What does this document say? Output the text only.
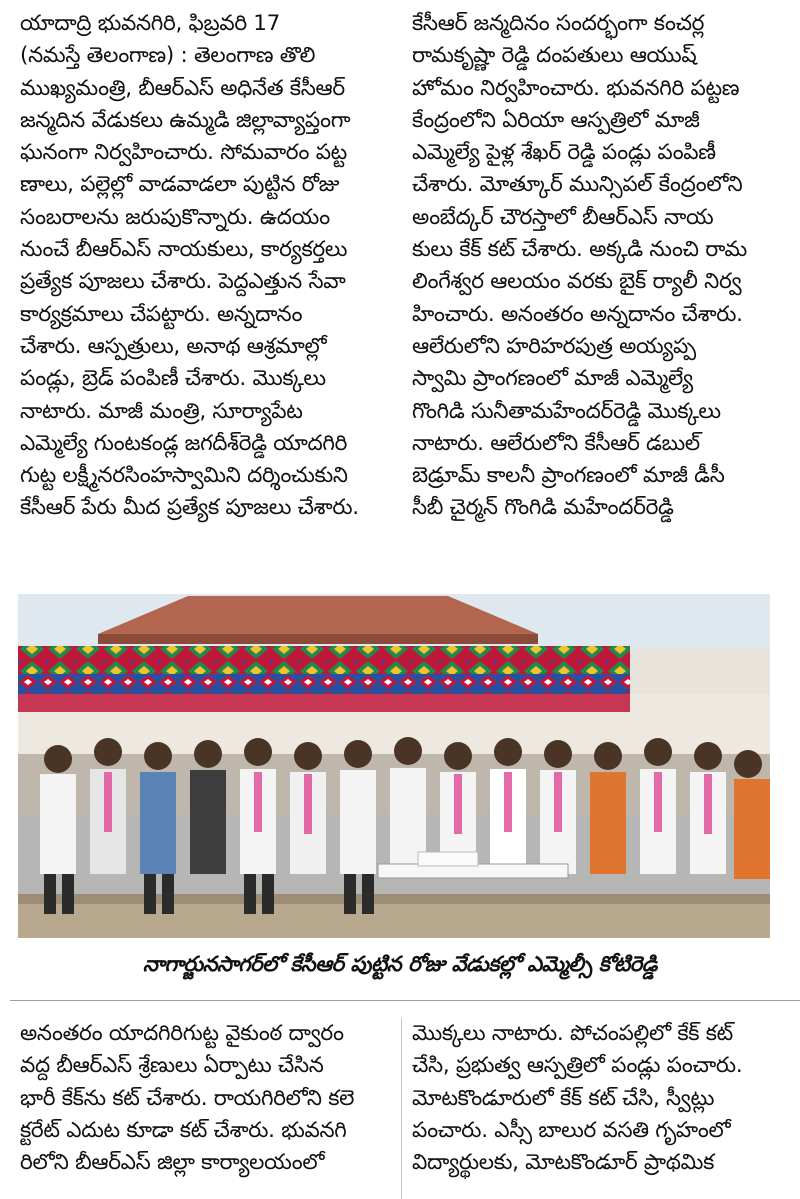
యాదాద్రి భువనగిరి, ఫిబ్రవరి 17
(నమస్తే తెలంగాణ) : తెలంగాణ తొలి
ముఖ్యమంత్రి, బీఆర్ఎస్ అధినేత కేసీఆర్
జన్మదిన వేడుకలు ఉమ్మడి జిల్లావ్యాప్తంగా
ఘనంగా నిర్వహించారు. సోమవారం పట్ట
ణాలు, పల్లెల్లో వాడవాడలా పుట్టిన రోజు
సంబరాలను జరుపుకొన్నారు. ఉదయం
నుంచే బీఆర్ఎస్ నాయకులు, కార్యకర్తలు
ప్రత్యేక పూజలు చేశారు. పెద్దఎత్తున సేవా
కార్యక్రమాలు చేపట్టారు. అన్నదానం
చేశారు. ఆస్పత్రులు, అనాథ ఆశ్రమాల్లో
పండ్లు, బ్రెడ్ పంపిణీ చేశారు. మొక్కలు
నాటారు. మాజీ మంత్రి, సూర్యాపేట
ఎమ్మెల్యే గుంటకండ్ల జగదీశ్‌రెడ్డి యాదగిరి
గుట్ట లక్ష్మీనరసింహస్వామిని దర్శించుకుని
కేసీఆర్ పేరు మీద ప్రత్యేక పూజలు చేశారు.
కేసీఆర్ జన్మదినం సందర్భంగా కంచర్ల
రామకృష్ణా రెడ్డి దంపతులు ఆయుష్
హోమం నిర్వహించారు. భువనగిరి పట్టణ
కేంద్రంలోని ఏరియా ఆస్పత్రిలో మాజీ
ఎమ్మెల్యే పైళ్ల శేఖర్ రెడ్డి పండ్లు పంపిణీ
చేశారు. మోత్కూర్ మున్సిపల్ కేంద్రంలోని
అంబేద్కర్ చౌరస్తాలో బీఆర్ఎస్ నాయ
కులు కేక్ కట్ చేశారు. అక్కడి నుంచి రామ
లింగేశ్వర ఆలయం వరకు బైక్ ర్యాలీ నిర్వ
హించారు. అనంతరం అన్నదానం చేశారు.
ఆలేరులోని హరిహరపుత్ర అయ్యప్ప
స్వామి ప్రాంగణంలో మాజీ ఎమ్మెల్యే
గొంగిడి సునీతామహేందర్‌రెడ్డి మొక్కలు
నాటారు. ఆలేరులోని కేసీఆర్ డబుల్
బెడ్రూమ్ కాలనీ ప్రాంగణంలో మాజీ డీసీ
సీబీ చైర్మన్ గొంగిడి మహేందర్‌రెడ్డి
నాగార్జునసాగర్‌లో కేసీఆర్ పుట్టిన రోజు వేడుకల్లో ఎమ్మెల్సీ కోటిరెడ్డి
అనంతరం యాదగిరిగుట్ట వైకుంఠ ద్వారం
వద్ద బీఆర్ఎస్ శ్రేణులు ఏర్పాటు చేసిన
భారీ కేక్‌ను కట్ చేశారు. రాయగిరిలోని కలె
క్టరేట్ ఎదుట కూడా కట్ చేశారు. భువనగి
రిలోని బీఆర్ఎస్ జిల్లా కార్యాలయంలో
మొక్కలు నాటారు. పోచంపల్లిలో కేక్ కట్
చేసి, ప్రభుత్వ ఆస్పత్రిలో పండ్లు పంచారు.
మోటకొండూరులో కేక్ కట్ చేసి, స్వీట్లు
పంచారు. ఎస్సీ బాలుర వసతి గృహంలో
విద్యార్థులకు, మోటకొండూర్ ప్రాథమిక
